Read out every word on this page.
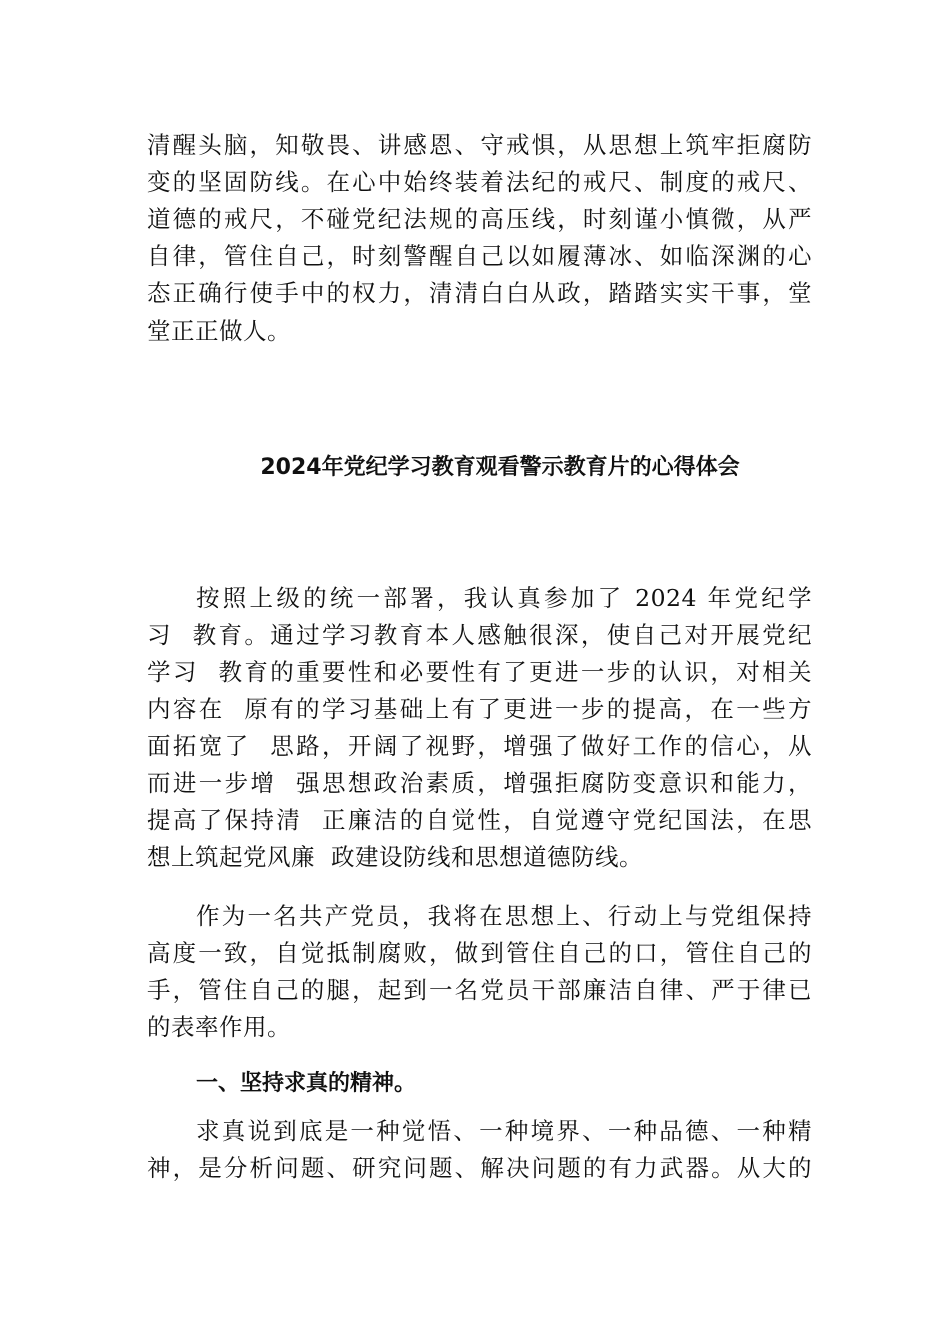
清醒头脑，知敬畏、讲感恩、守戒惧，从思想上筑牢拒腐防
变的坚固防线。在心中始终装着法纪的戒尺、制度的戒尺、
道德的戒尺，不碰党纪法规的高压线，时刻谨小慎微，从严
自律，管住自己，时刻警醒自己以如履薄冰、如临深渊的心
态正确行使手中的权力，清清白白从政，踏踏实实干事，堂
堂正正做人。
2024年党纪学习教育观看警示教育片的心得体会
按照上级的统一部署，我认真参加了 2024 年党纪学
习  教育。通过学习教育本人感触很深，使自己对开展党纪
学习  教育的重要性和必要性有了更进一步的认识，对相关
内容在  原有的学习基础上有了更进一步的提高，在一些方
面拓宽了  思路，开阔了视野，增强了做好工作的信心，从
而进一步增  强思想政治素质，增强拒腐防变意识和能力，
提高了保持清  正廉洁的自觉性，自觉遵守党纪国法，在思
想上筑起党风廉  政建设防线和思想道德防线。
作为一名共产党员，我将在思想上、行动上与党组保持
高度一致，自觉抵制腐败，做到管住自己的口，管住自己的
手，管住自己的腿，起到一名党员干部廉洁自律、严于律已
的表率作用。
一、坚持求真的精神。
求真说到底是一种觉悟、一种境界、一种品德、一种精
神，是分析问题、研究问题、解决问题的有力武器。从大的
